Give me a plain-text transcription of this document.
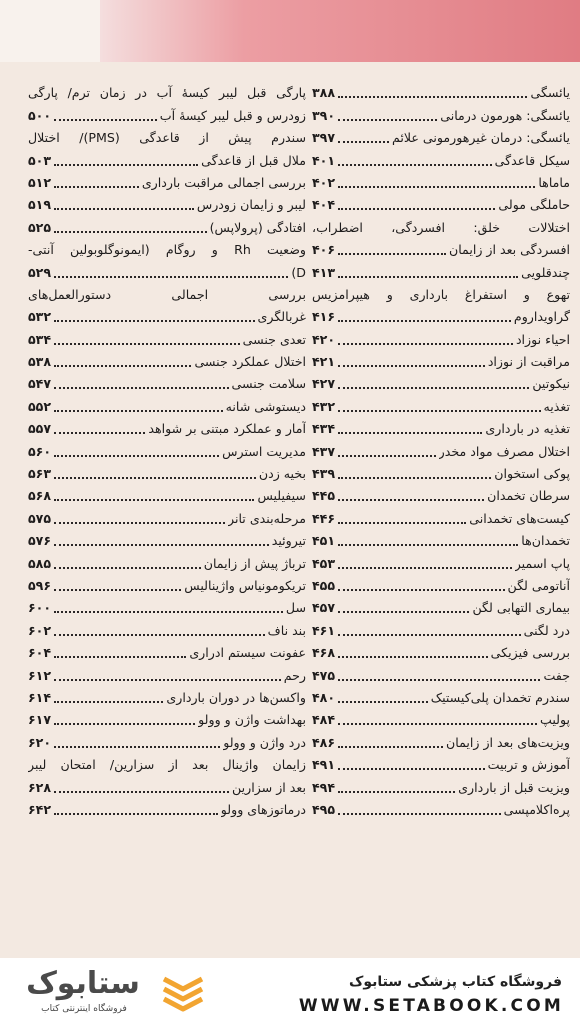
یائسگی
۳۸۸
یائسگی: هورمون درمانی
۳۹۰
یائسگی: درمان غیرهورمونی علائم
۳۹۷
سیکل قاعدگی
۴۰۱
ماماها
۴۰۲
حاملگی مولی
۴۰۴
اختلالات خلق: افسردگی، اضطراب،
افسردگی بعد از زایمان
۴۰۶
چندقلویی
۴۱۳
تهوع و استفراغ بارداری و هیپرامزیس
گراویداروم
۴۱۶
احیاء نوزاد
۴۲۰
مراقبت از نوزاد
۴۲۱
نیکوتین
۴۲۷
تغذیه
۴۳۲
تغذیه در بارداری
۴۳۴
اختلال مصرف مواد مخدر
۴۳۷
پوکی استخوان
۴۳۹
سرطان تخمدان
۴۴۵
کیست‌های تخمدانی
۴۴۶
تخمدان‌ها
۴۵۱
پاپ اسمیر
۴۵۳
آناتومی لگن
۴۵۵
بیماری التهابی لگن
۴۵۷
درد لگنی
۴۶۱
بررسی فیزیکی
۴۶۸
جفت
۴۷۵
سندرم تخمدان پلی‌کیستیک
۴۸۰
پولیپ
۴۸۴
ویزیت‌های بعد از زایمان
۴۸۶
آموزش و تربیت
۴۹۱
ویزیت قبل از بارداری
۴۹۴
پره‌اکلامپسی
۴۹۵
پارگی قبل لیبر کیسهٔ آب در زمان ترم/ پارگی
زودرس و قبل لیبر کیسهٔ آب
۵۰۰
سندرم پیش از قاعدگی (PMS)/ اختلال
ملال قبل از قاعدگی
۵۰۳
بررسی اجمالی مراقبت بارداری
۵۱۲
لیبر و زایمان زودرس
۵۱۹
افتادگی (پرولاپس)
۵۲۵
وضعیت Rh و روگام (ایمونوگلوبولین آنتی-
D)
۵۲۹
بررسی اجمالی دستورالعمل‌های
غربالگری
۵۳۲
تعدی جنسی
۵۳۴
اختلال عملکرد جنسی
۵۳۸
سلامت جنسی
۵۴۷
دیستوشی شانه
۵۵۲
آمار و عملکرد مبتنی بر شواهد
۵۵۷
مدیریت استرس
۵۶۰
بخیه زدن
۵۶۳
سیفیلیس
۵۶۸
مرحله‌بندی تانر
۵۷۵
تیروئید
۵۷۶
ترباژ پیش از زایمان
۵۸۵
تریکومونیاس واژینالیس
۵۹۶
سل
۶۰۰
بند ناف
۶۰۲
عفونت سیستم ادراری
۶۰۴
رحم
۶۱۲
واکسن‌ها در دوران بارداری
۶۱۴
بهداشت واژن و وولو
۶۱۷
درد واژن و وولو
۶۲۰
زایمان واژینال بعد از سزارین/ امتحان لیبر
بعد از سزارین
۶۲۸
درماتوزهای وولو
۶۴۲
فروشگاه کتاب پزشکی ستابوک
WWW.SETABOOK.COM
ستابوک
فروشگاه اینترنتی کتاب
